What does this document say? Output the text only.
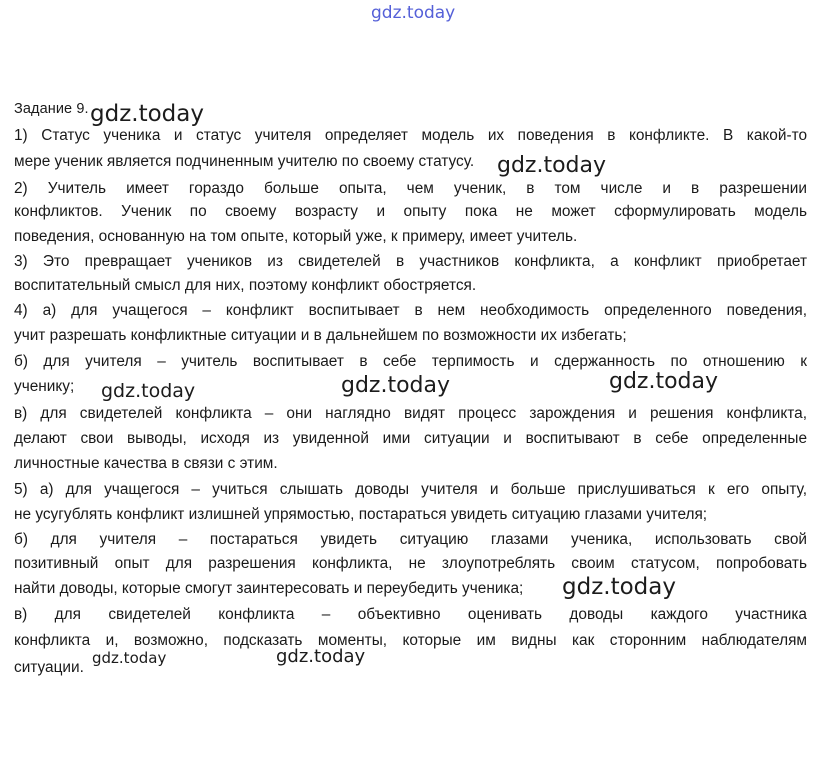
gdz.today
Задание 9.
1) Статус ученика и статус учителя определяет модель их поведения в конфликте. В какой-то
мере ученик является подчиненным учителю по своему статусу.
2) Учитель имеет гораздо больше опыта, чем ученик, в том числе и в разрешении
конфликтов. Ученик по своему возрасту и опыту пока не может сформулировать модель
поведения, основанную на том опыте, который уже, к примеру, имеет учитель.
3) Это превращает учеников из свидетелей в участников конфликта, а конфликт приобретает
воспитательный смысл для них, поэтому конфликт обостряется.
4) а) для учащегося – конфликт воспитывает в нем необходимость определенного поведения,
учит разрешать конфликтные ситуации и в дальнейшем по возможности их избегать;
б) для учителя – учитель воспитывает в себе терпимость и сдержанность по отношению к
ученику;
в) для свидетелей конфликта – они наглядно видят процесс зарождения и решения конфликта,
делают свои выводы, исходя из увиденной ими ситуации и воспитывают в себе определенные
личностные качества в связи с этим.
5) а) для учащегося – учиться слышать доводы учителя и больше прислушиваться к его опыту,
не усугублять конфликт излишней упрямостью, постараться увидеть ситуацию глазами учителя;
б) для учителя – постараться увидеть ситуацию глазами ученика, использовать свой
позитивный опыт для разрешения конфликта, не злоупотреблять своим статусом, попробовать
найти доводы, которые смогут заинтересовать и переубедить ученика;
в) для свидетелей конфликта – объективно оценивать доводы каждого участника
конфликта и, возможно, подсказать моменты, которые им видны как сторонним наблюдателям
ситуации.
gdz.today
gdz.today
gdz.today	gdz.today	gdz.today
gdz.today
gdz.today	gdz.today
